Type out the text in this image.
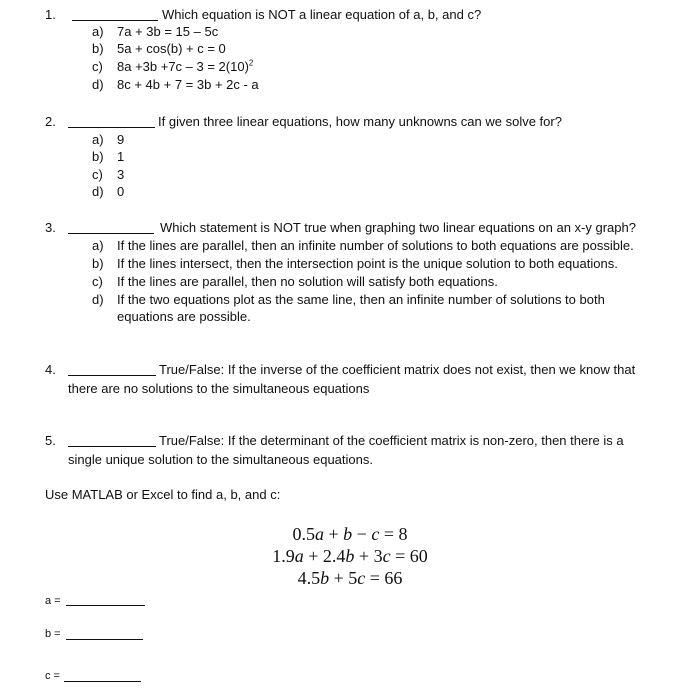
1.	Which equation is NOT a linear equation of a, b, and c?
a) 7a + 3b = 15 – 5c
b) 5a + cos(b) + c = 0
c) $8a +3b +7c - 3 = 2(10)^2$
d) 8c + 4b + 7 = 3b + 2c - a
2.	If given three linear equations, how many unknowns can we solve for?
a) 9
b) 1
c) 3
d) 0
3.	Which statement is NOT true when graphing two linear equations on an x-y graph?
a) If the lines are parallel, then an infinite number of solutions to both equations are possible.
b) If the lines intersect, then the intersection point is the unique solution to both equations.
c) If the lines are parallel, then no solution will satisfy both equations.
d) If the two equations plot as the same line, then an infinite number of solutions to both
equations are possible.
4.	True/False: If the inverse of the coefficient matrix does not exist, then we know that
there are no solutions to the simultaneous equations
5.	True/False: If the determinant of the coefficient matrix is non-zero, then there is a
single unique solution to the simultaneous equations.
Use MATLAB or Excel to find a, b, and c:
0.5a + b − c = 8
1.9a + 2.4b + 3c = 60
4.5b + 5c = 66
a =
b =
c =
